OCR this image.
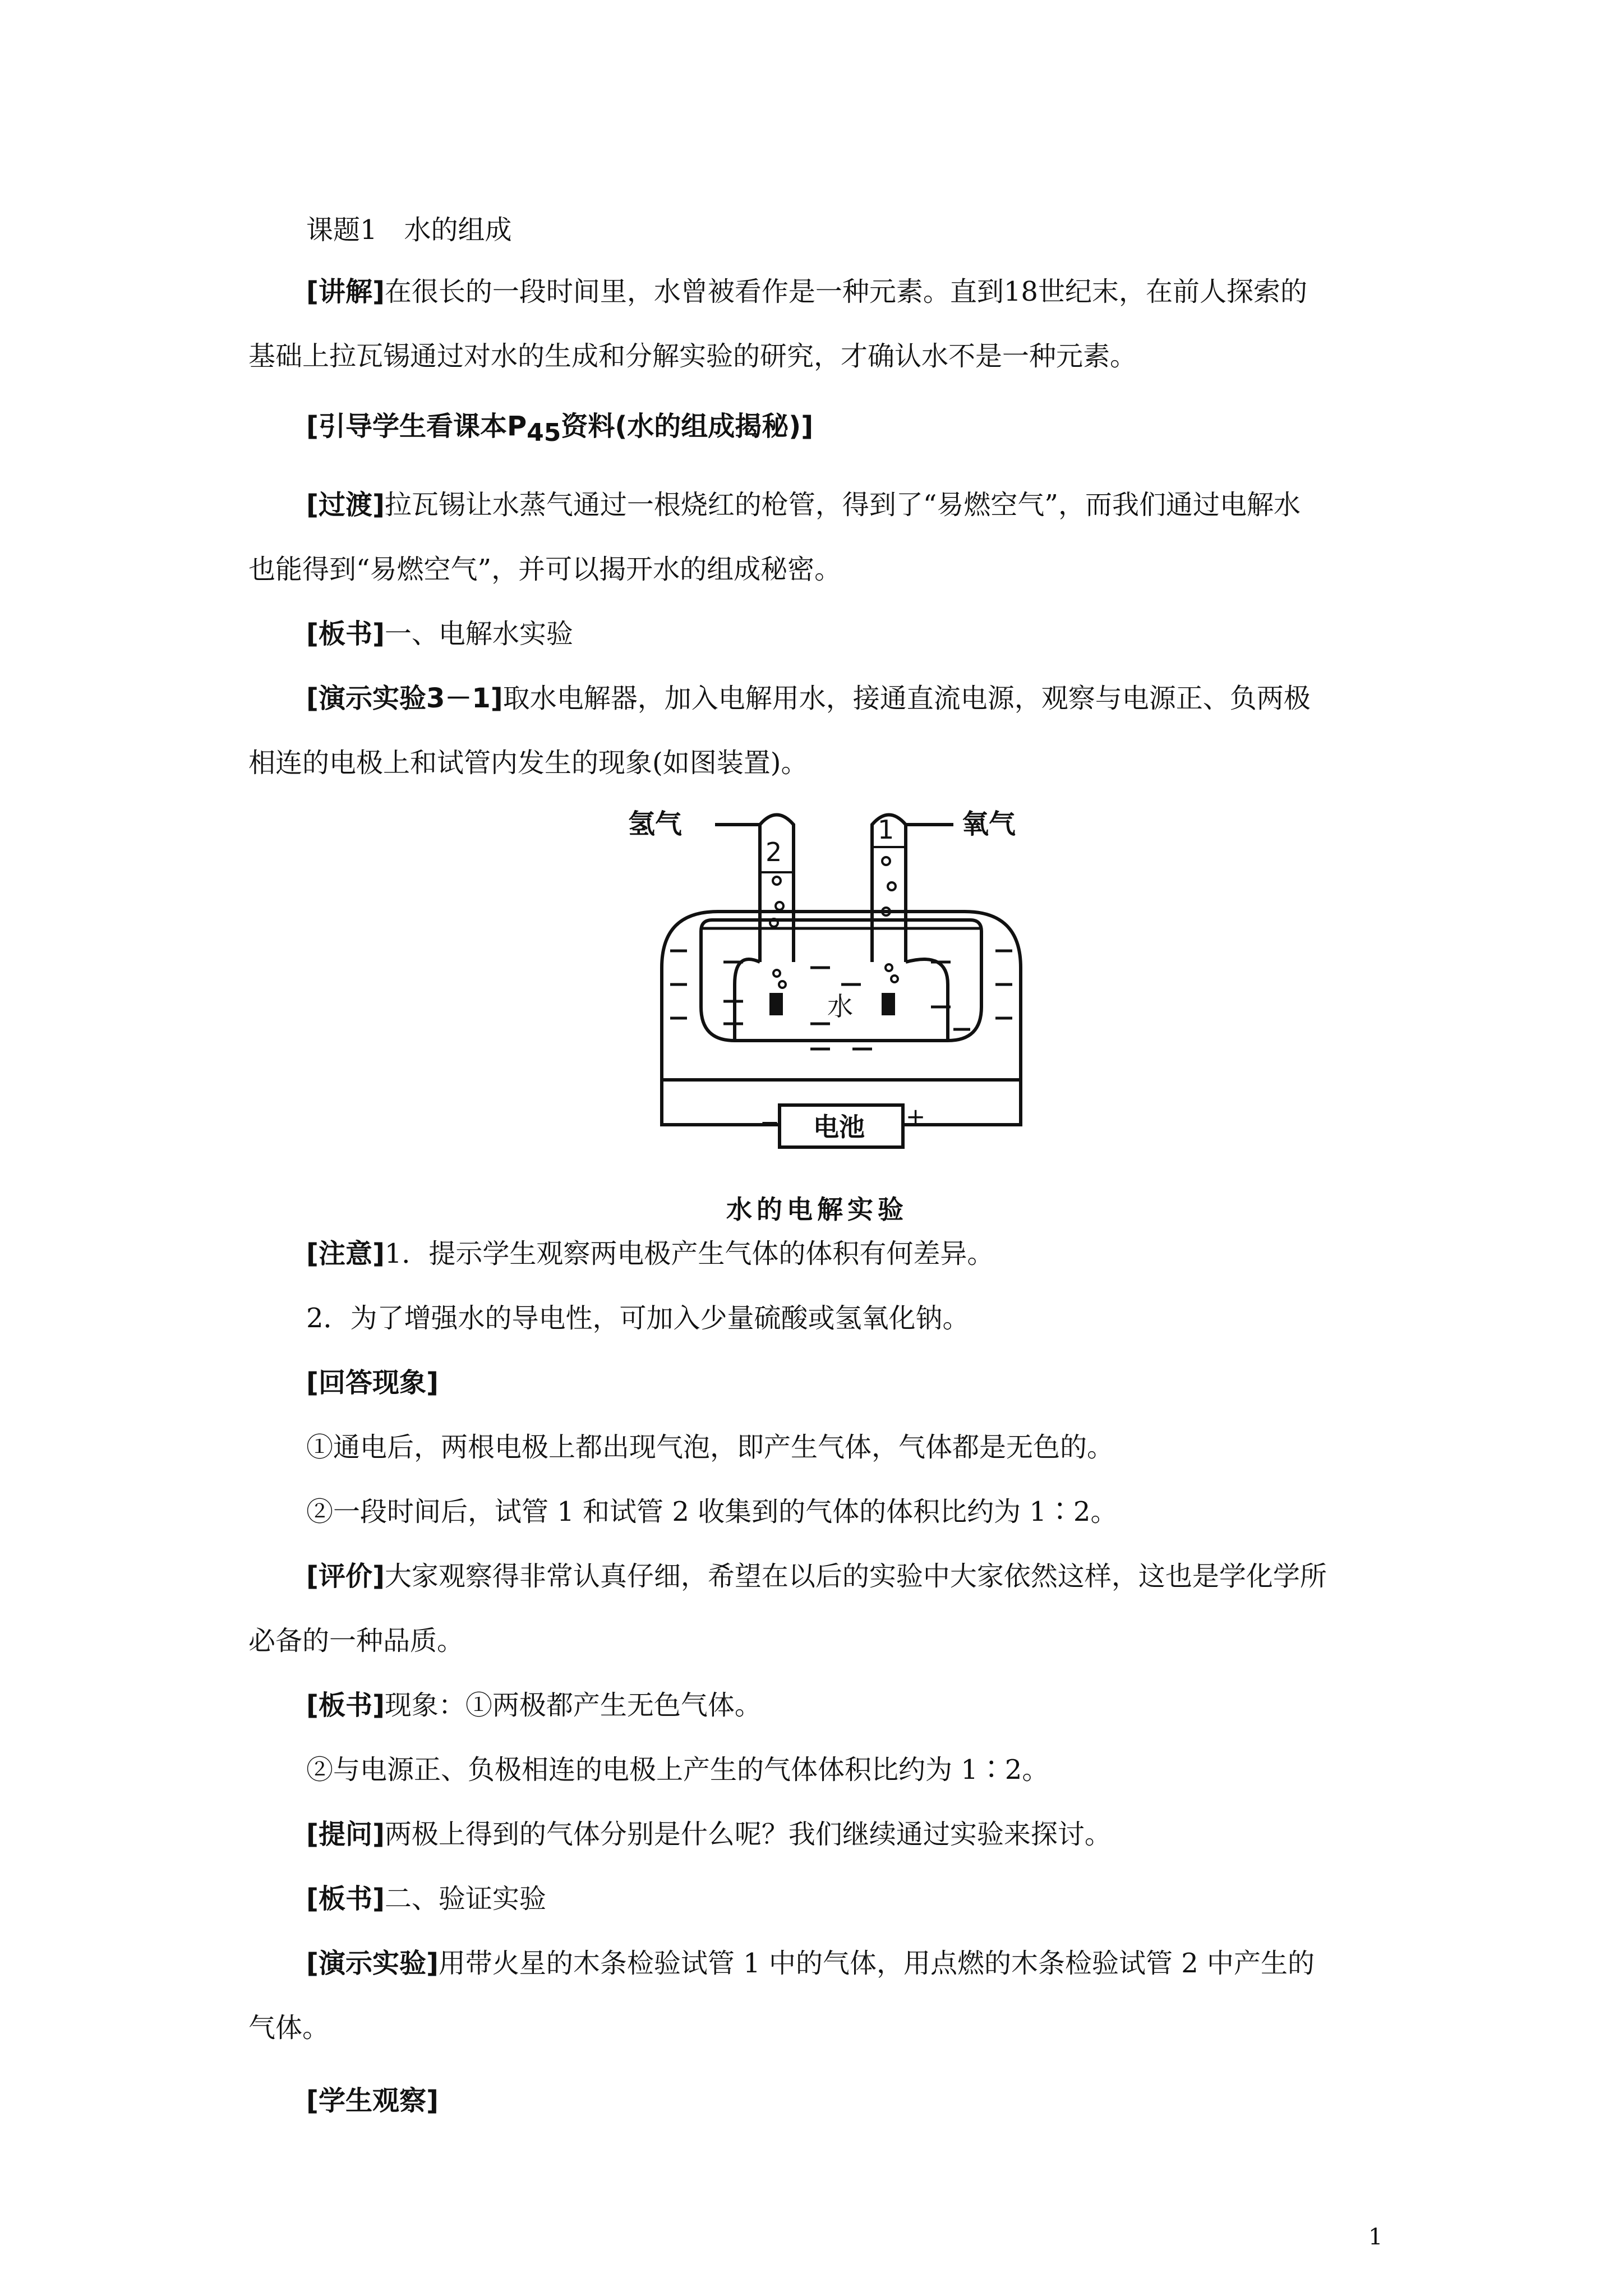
课题1　水的组成
[讲解]在很长的一段时间里，水曾被看作是一种元素。直到18世纪末，在前人探索的
基础上拉瓦锡通过对水的生成和分解实验的研究，才确认水不是一种元素。
[引导学生看课本$P_{45}$资料(水的组成揭秘)]
[过渡]拉瓦锡让水蒸气通过一根烧红的枪管，得到了“易燃空气”，而我们通过电解水
也能得到“易燃空气”，并可以揭开水的组成秘密。
[板书]一、电解水实验
[演示实验3－1]取水电解器，加入电解用水，接通直流电源，观察与电源正、负两极
相连的电极上和试管内发生的现象(如图装置)。
氢气	氧气
2
1
水
电池
−	+
水的电解实验
[注意]1．提示学生观察两电极产生气体的体积有何差异。
2．为了增强水的导电性，可加入少量硫酸或氢氧化钠。
[回答现象]
①通电后，两根电极上都出现气泡，即产生气体，气体都是无色的。
②一段时间后，试管 1 和试管 2 收集到的气体的体积比约为 1∶2。
[评价]大家观察得非常认真仔细，希望在以后的实验中大家依然这样，这也是学化学所
必备的一种品质。
[板书]现象：①两极都产生无色气体。
②与电源正、负极相连的电极上产生的气体体积比约为 1∶2。
[提问]两极上得到的气体分别是什么呢？我们继续通过实验来探讨。
[板书]二、验证实验
[演示实验]用带火星的木条检验试管 1 中的气体，用点燃的木条检验试管 2 中产生的
气体。
[学生观察]
1
